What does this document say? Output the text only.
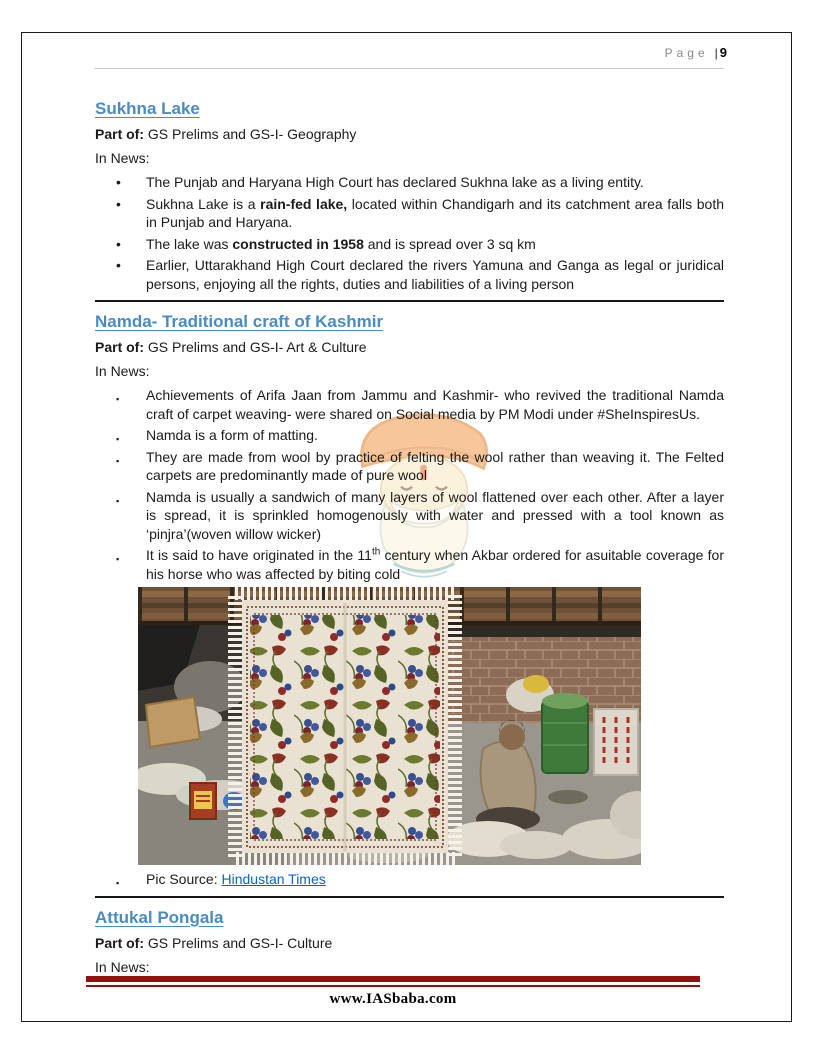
Page | 9
Sukhna Lake

Part of: GS Prelims and GS-I- Geography

In News:

• The Punjab and Haryana High Court has declared Sukhna lake as a living entity.
• Sukhna Lake is a rain-fed lake, located within Chandigarh and its catchment area falls both in Punjab and Haryana.
• The lake was constructed in 1958 and is spread over 3 sq km
• Earlier, Uttarakhand High Court declared the rivers Yamuna and Ganga as legal or juridical persons, enjoying all the rights, duties and liabilities of a living person
Namda- Traditional craft of Kashmir

Part of: GS Prelims and GS-I- Art & Culture

In News:

▪ Achievements of Arifa Jaan from Jammu and Kashmir- who revived the traditional Namda craft of carpet weaving- were shared on Social media by PM Modi under #SheInspiresUs.
▪ Namda is a form of matting.
▪ They are made from wool by practice of felting the wool rather than weaving it. The Felted carpets are predominantly made of pure wool
▪ Namda is usually a sandwich of many layers of wool flattened over each other. After a layer is spread, it is sprinkled homogenously with water and pressed with a tool known as ‘pinjra’(woven willow wicker)
▪ It is said to have originated in the 11th century when Akbar ordered for asuitable coverage for his horse who was affected by biting cold
▪ Pic Source: Hindustan Times
Attukal Pongala

Part of: GS Prelims and GS-I- Culture

In News:

www.IASbaba.com
